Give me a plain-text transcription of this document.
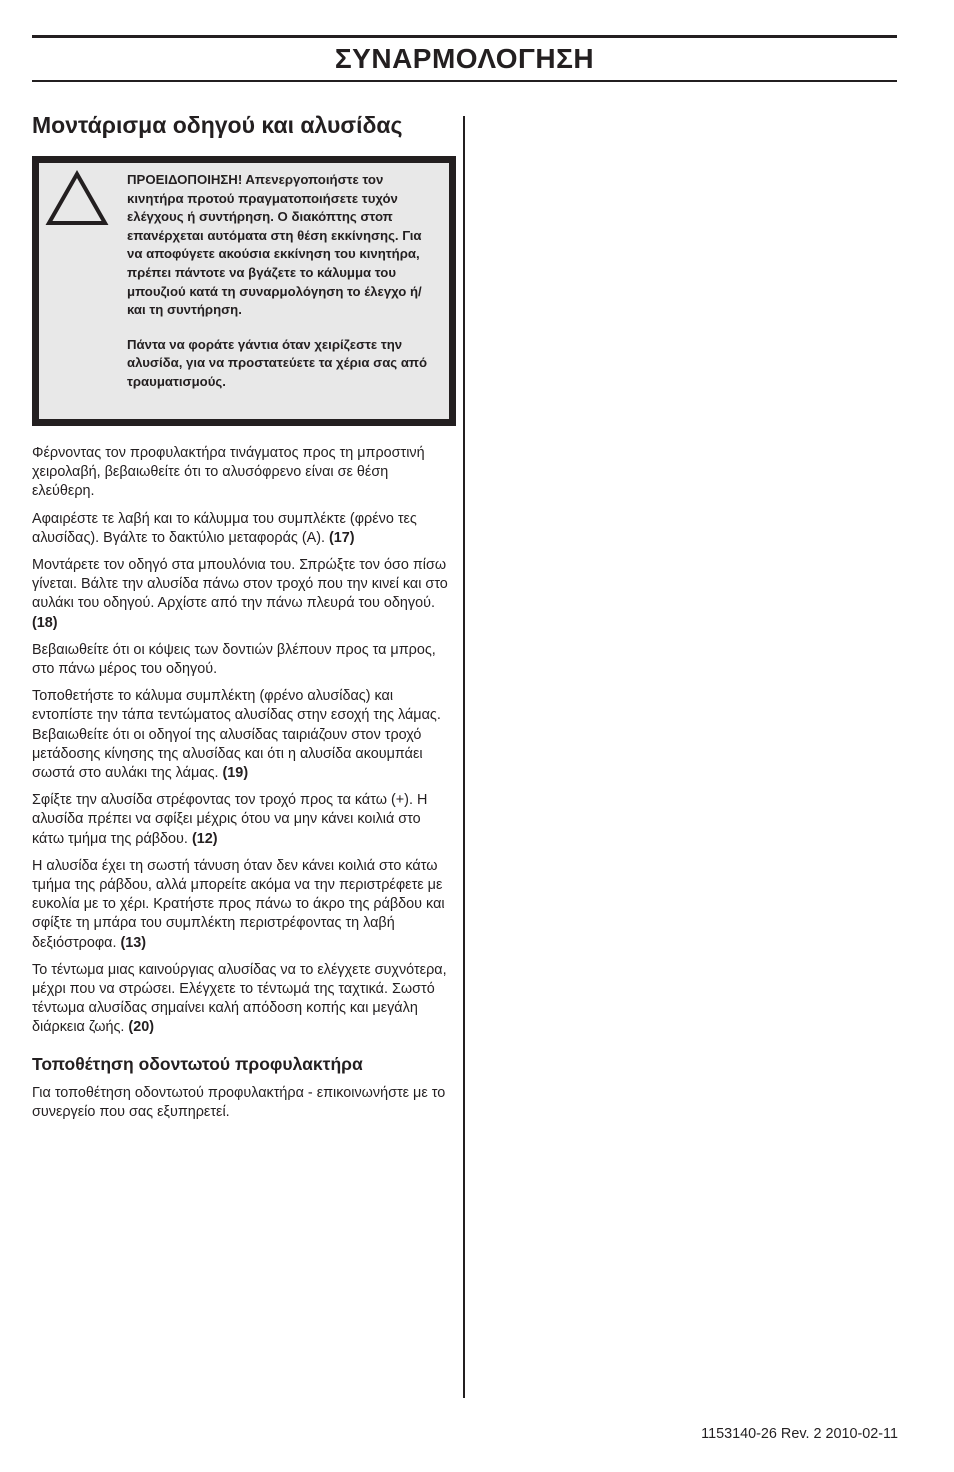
ΣΥΝΑΡΜΟΛΟΓΗΣΗ
Μοντάρισμα οδηγού και αλυσίδας

ΠΡΟΕΙΔΟΠΟΙΗΣΗ! Απενεργοποιήστε τον κινητήρα προτού πραγματοποιήσετε τυχόν ελέγχους ή συντήρηση. Ο διακόπτης στοπ επανέρχεται αυτόματα στη θέση εκκίνησης. Για να αποφύγετε ακούσια εκκίνηση του κινητήρα, πρέπει πάντοτε να βγάζετε το κάλυμμα του μπουζιού κατά τη συναρμολόγηση το έλεγχο ή/και τη συντήρηση.

Πάντα να φοράτε γάντια όταν χειρίζεστε την αλυσίδα, για να προστατεύετε τα χέρια σας από τραυματισμούς.

Φέρνοντας τον προφυλακτήρα τινάγματος προς τη μπροστινή χειρολαβή, βεβαιωθείτε ότι το αλυσόφρενο είναι σε θέση ελεύθερη.

Αφαιρέστε τε λαβή και το κάλυμμα του συμπλέκτε (φρένο τες αλυσίδας). Βγάλτε το δακτύλιο μεταφοράς (A). (17)

Μοντάρετε τον οδηγό στα μπουλόνια του. Σπρώξτε τον όσο πίσω γίνεται. Βάλτε την αλυσίδα πάνω στον τροχό που την κινεί και στο αυλάκι του οδηγού. Αρχίστε από την πάνω πλευρά του οδηγού. (18)

Βεβαιωθείτε ότι οι κόψεις των δοντιών βλέπουν προς τα μπρος, στο πάνω μέρος του οδηγού.

Τοποθετήστε το κάλυμα συμπλέκτη (φρένο αλυσίδας) και εντοπίστε την τάπα τεντώματος αλυσίδας στην εσοχή της λάμας. Βεβαιωθείτε ότι οι οδηγοί της αλυσίδας ταιριάζουν στον τροχό μετάδοσης κίνησης της αλυσίδας και ότι η αλυσίδα ακουμπάει σωστά στο αυλάκι της λάμας. (19)

Σφίξτε την αλυσίδα στρέφοντας τον τροχό προς τα κάτω (+). Η αλυσίδα πρέπει να σφίξει μέχρις ότου να μην κάνει κοιλιά στο κάτω τμήμα της ράβδου. (12)

Η αλυσίδα έχει τη σωστή τάνυση όταν δεν κάνει κοιλιά στο κάτω τμήμα της ράβδου, αλλά μπορείτε ακόμα να την περιστρέφετε με ευκολία με το χέρι. Κρατήστε προς πάνω το άκρο της ράβδου και σφίξτε τη μπάρα του συμπλέκτη περιστρέφοντας τη λαβή δεξιόστροφα. (13)

Το τέντωμα μιας καινούργιας αλυσίδας να το ελέγχετε συχνότερα, μέχρι που να στρώσει. Ελέγχετε το τέντωμά της ταχτικά. Σωστό τέντωμα αλυσίδας σημαίνει καλή απόδοση κοπής και μεγάλη διάρκεια ζωής. (20)

Τοποθέτηση οδοντωτού προφυλακτήρα

Για τοποθέτηση οδοντωτού προφυλακτήρα - επικοινωνήστε με το συνεργείο που σας εξυπηρετεί.

1153140-26 Rev. 2 2010-02-11
